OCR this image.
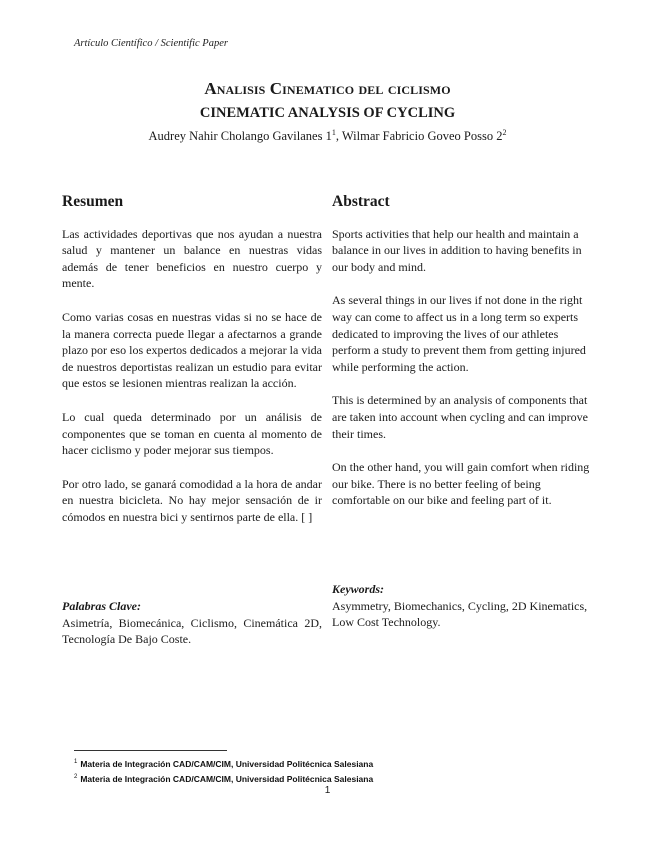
Artículo Científico / Scientific Paper
Analisis Cinematico del ciclismo
CINEMATIC ANALYSIS OF CYCLING
Audrey Nahir Cholango Gavilanes $1^1$, Wilmar Fabricio Goveo Posso $2^2$
Resumen

Las actividades deportivas que nos ayudan a nuestra salud y mantener un balance en nuestras vidas además de tener beneficios en nuestro cuerpo y mente.

Como varias cosas en nuestras vidas si no se hace de la manera correcta puede llegar a afectarnos a grande plazo por eso los expertos dedicados a mejorar la vida de nuestros deportistas realizan un estudio para evitar que estos se lesionen mientras realizan la acción.

Lo cual queda determinado por un análisis de componentes que se toman en cuenta al momento de hacer ciclismo y poder mejorar sus tiempos.

Por otro lado, se ganará comodidad a la hora de andar en nuestra bicicleta. No hay mejor sensación de ir cómodos en nuestra bici y sentirnos parte de ella. [ ]

Abstract

Sports activities that help our health and maintain a balance in our lives in addition to having benefits in our body and mind.

As several things in our lives if not done in the right way can come to affect us in a long term so experts dedicated to improving the lives of our athletes perform a study to prevent them from getting injured while performing the action.

This is determined by an analysis of components that are taken into account when cycling and can improve their times.

On the other hand, you will gain comfort when riding our bike. There is no better feeling of being comfortable on our bike and feeling part of it.

Palabras Clave:
Asimetría, Biomecánica, Ciclismo, Cinemática 2D, Tecnología De Bajo Coste.
Keywords:
Asymmetry, Biomechanics, Cycling, 2D Kinematics, Low Cost Technology.
$^1$ Materia de Integración CAD/CAM/CIM, Universidad Politécnica Salesiana
$^2$ Materia de Integración CAD/CAM/CIM, Universidad Politécnica Salesiana
1
